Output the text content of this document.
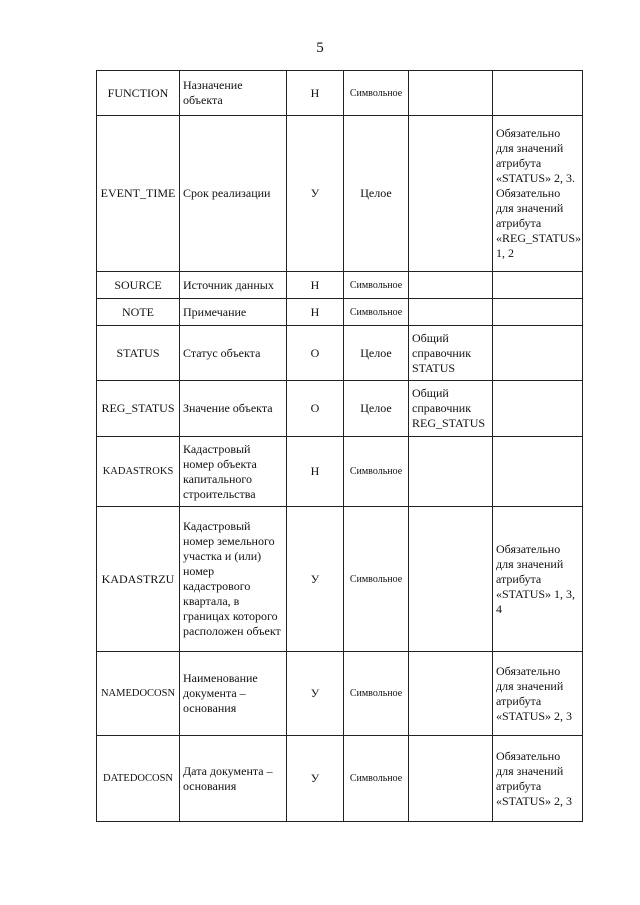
5
FUNCTION	Назначение объекта	Н	Символьное		
EVENT_TIME	Срок реализации	У	Целое		Обязательно для значений атрибута «STATUS» 2, 3. Обязательно для значений атрибута «REG_STATUS» 1, 2
SOURCE	Источник данных	Н	Символьное		
NOTE	Примечание	Н	Символьное		
STATUS	Статус объекта	О	Целое	Общий справочник STATUS	
REG_STATUS	Значение объекта	О	Целое	Общий справочник REG_STATUS	
KADASTROKS	Кадастровый номер объекта капитального строительства	Н	Символьное		
KADASTRZU	Кадастровый номер земельного участка и (или) номер кадастрового квартала, в границах которого расположен объект	У	Символьное		Обязательно для значений атрибута «STATUS» 1, 3, 4
NAMEDOCOSN	Наименование документа – основания	У	Символьное		Обязательно для значений атрибута «STATUS» 2, 3
DATEDOCOSN	Дата документа – основания	У	Символьное		Обязательно для значений атрибута «STATUS» 2, 3
